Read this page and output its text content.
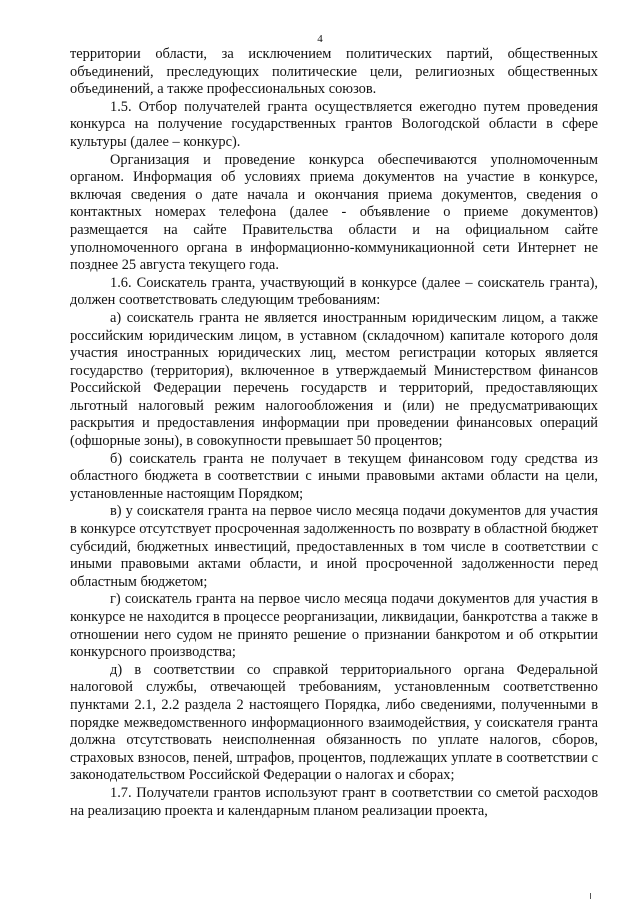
4

территории области, за исключением политических партий, общественных объединений, преследующих политические цели, религиозных общественных объединений, а также профессиональных союзов.

1.5. Отбор получателей гранта осуществляется ежегодно путем проведения конкурса на получение государственных грантов Вологодской области в сфере культуры (далее – конкурс).

Организация и проведение конкурса обеспечиваются уполномоченным органом. Информация об условиях приема документов на участие в конкурсе, включая сведения о дате начала и окончания приема документов, сведения о контактных номерах телефона (далее - объявление о приеме документов) размещается на сайте Правительства области и на официальном сайте уполномоченного органа в информационно-коммуникационной сети Интернет не позднее 25 августа текущего года.

1.6. Соискатель гранта, участвующий в конкурсе (далее – соискатель гранта), должен соответствовать следующим требованиям:

а) соискатель гранта не является иностранным юридическим лицом, а также российским юридическим лицом, в уставном (складочном) капитале которого доля участия иностранных юридических лиц, местом регистрации которых является государство (территория), включенное в утверждаемый Министерством финансов Российской Федерации перечень государств и территорий, предоставляющих льготный налоговый режим налогообложения и (или) не предусматривающих раскрытия и предоставления информации при проведении финансовых операций (офшорные зоны), в совокупности превышает 50 процентов;

б) соискатель гранта не получает в текущем финансовом году средства из областного бюджета в соответствии с иными правовыми актами области на цели, установленные настоящим Порядком;

в) у соискателя гранта на первое число месяца подачи документов для участия в конкурсе отсутствует просроченная задолженность по возврату в областной бюджет субсидий, бюджетных инвестиций, предоставленных в том числе в соответствии с иными правовыми актами области, и иной просроченной задолженности перед областным бюджетом;

г) соискатель гранта на первое число месяца подачи документов для участия в конкурсе не находится в процессе реорганизации, ликвидации, банкротства а также в отношении него судом не принято решение о признании банкротом и об открытии конкурсного производства;

д) в соответствии со справкой территориального органа Федеральной налоговой службы, отвечающей требованиям, установленным соответственно пунктами 2.1, 2.2 раздела 2 настоящего Порядка, либо сведениями, полученными в порядке межведомственного информационного взаимодействия, у соискателя гранта должна отсутствовать неисполненная обязанность по уплате налогов, сборов, страховых взносов, пеней, штрафов, процентов, подлежащих уплате в соответствии с законодательством Российской Федерации о налогах и сборах;

1.7. Получатели грантов используют грант в соответствии со сметой расходов на реализацию проекта и календарным планом реализации проекта,
